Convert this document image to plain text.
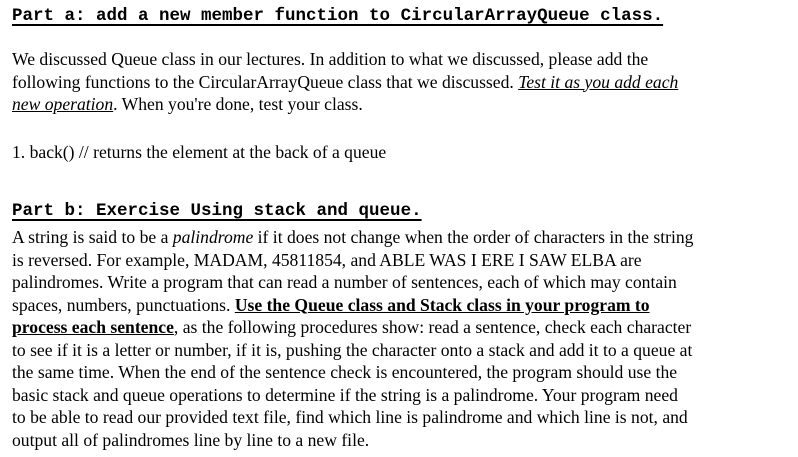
Part a: add a new member function to CircularArrayQueue class.
We discussed Queue class in our lectures. In addition to what we discussed, please add the
following functions to the CircularArrayQueue class that we discussed. Test it as you add each
new operation. When you're done, test your class.
1. back() // returns the element at the back of a queue
Part b: Exercise Using stack and queue.
A string is said to be a palindrome if it does not change when the order of characters in the string
is reversed. For example, MADAM, 45811854, and ABLE WAS I ERE I SAW ELBA are
palindromes. Write a program that can read a number of sentences, each of which may contain
spaces, numbers, punctuations. Use the Queue class and Stack class in your program to
process each sentence, as the following procedures show: read a sentence, check each character
to see if it is a letter or number, if it is, pushing the character onto a stack and add it to a queue at
the same time. When the end of the sentence check is encountered, the program should use the
basic stack and queue operations to determine if the string is a palindrome. Your program need
to be able to read our provided text file, find which line is palindrome and which line is not, and
output all of palindromes line by line to a new file.
